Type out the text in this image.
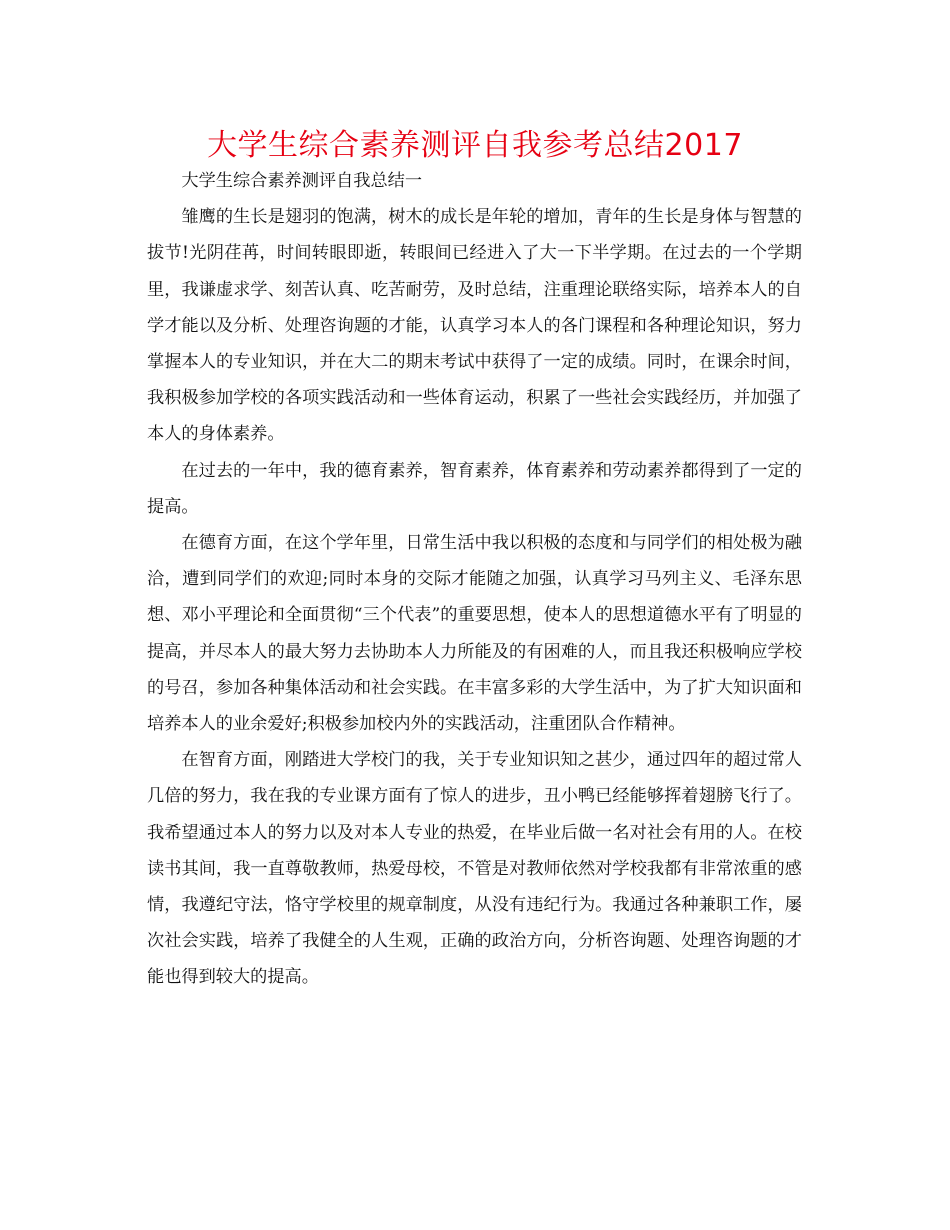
大学生综合素养测评自我参考总结2017

大学生综合素养测评自我总结一

雏鹰的生长是翅羽的饱满，树木的成长是年轮的增加，青年的生长是身体与智慧的拔节!光阴荏苒，时间转眼即逝，转眼间已经进入了大一下半学期。在过去的一个学期里，我谦虚求学、刻苦认真、吃苦耐劳，及时总结，注重理论联络实际，培养本人的自学才能以及分析、处理咨询题的才能，认真学习本人的各门课程和各种理论知识，努力掌握本人的专业知识，并在大二的期末考试中获得了一定的成绩。同时，在课余时间，我积极参加学校的各项实践活动和一些体育运动，积累了一些社会实践经历，并加强了本人的身体素养。

在过去的一年中，我的德育素养，智育素养，体育素养和劳动素养都得到了一定的提高。

在德育方面，在这个学年里，日常生活中我以积极的态度和与同学们的相处极为融洽，遭到同学们的欢迎;同时本身的交际才能随之加强，认真学习马列主义、毛泽东思想、邓小平理论和全面贯彻“三个代表”的重要思想，使本人的思想道德水平有了明显的提高，并尽本人的最大努力去协助本人力所能及的有困难的人，而且我还积极响应学校的号召，参加各种集体活动和社会实践。在丰富多彩的大学生活中，为了扩大知识面和培养本人的业余爱好;积极参加校内外的实践活动，注重团队合作精神。

在智育方面，刚踏进大学校门的我，关于专业知识知之甚少，通过四年的超过常人几倍的努力，我在我的专业课方面有了惊人的进步，丑小鸭已经能够挥着翅膀飞行了。我希望通过本人的努力以及对本人专业的热爱，在毕业后做一名对社会有用的人。在校读书其间，我一直尊敬教师，热爱母校，不管是对教师依然对学校我都有非常浓重的感情，我遵纪守法，恪守学校里的规章制度，从没有违纪行为。我通过各种兼职工作，屡次社会实践，培养了我健全的人生观，正确的政治方向，分析咨询题、处理咨询题的才能也得到较大的提高。
